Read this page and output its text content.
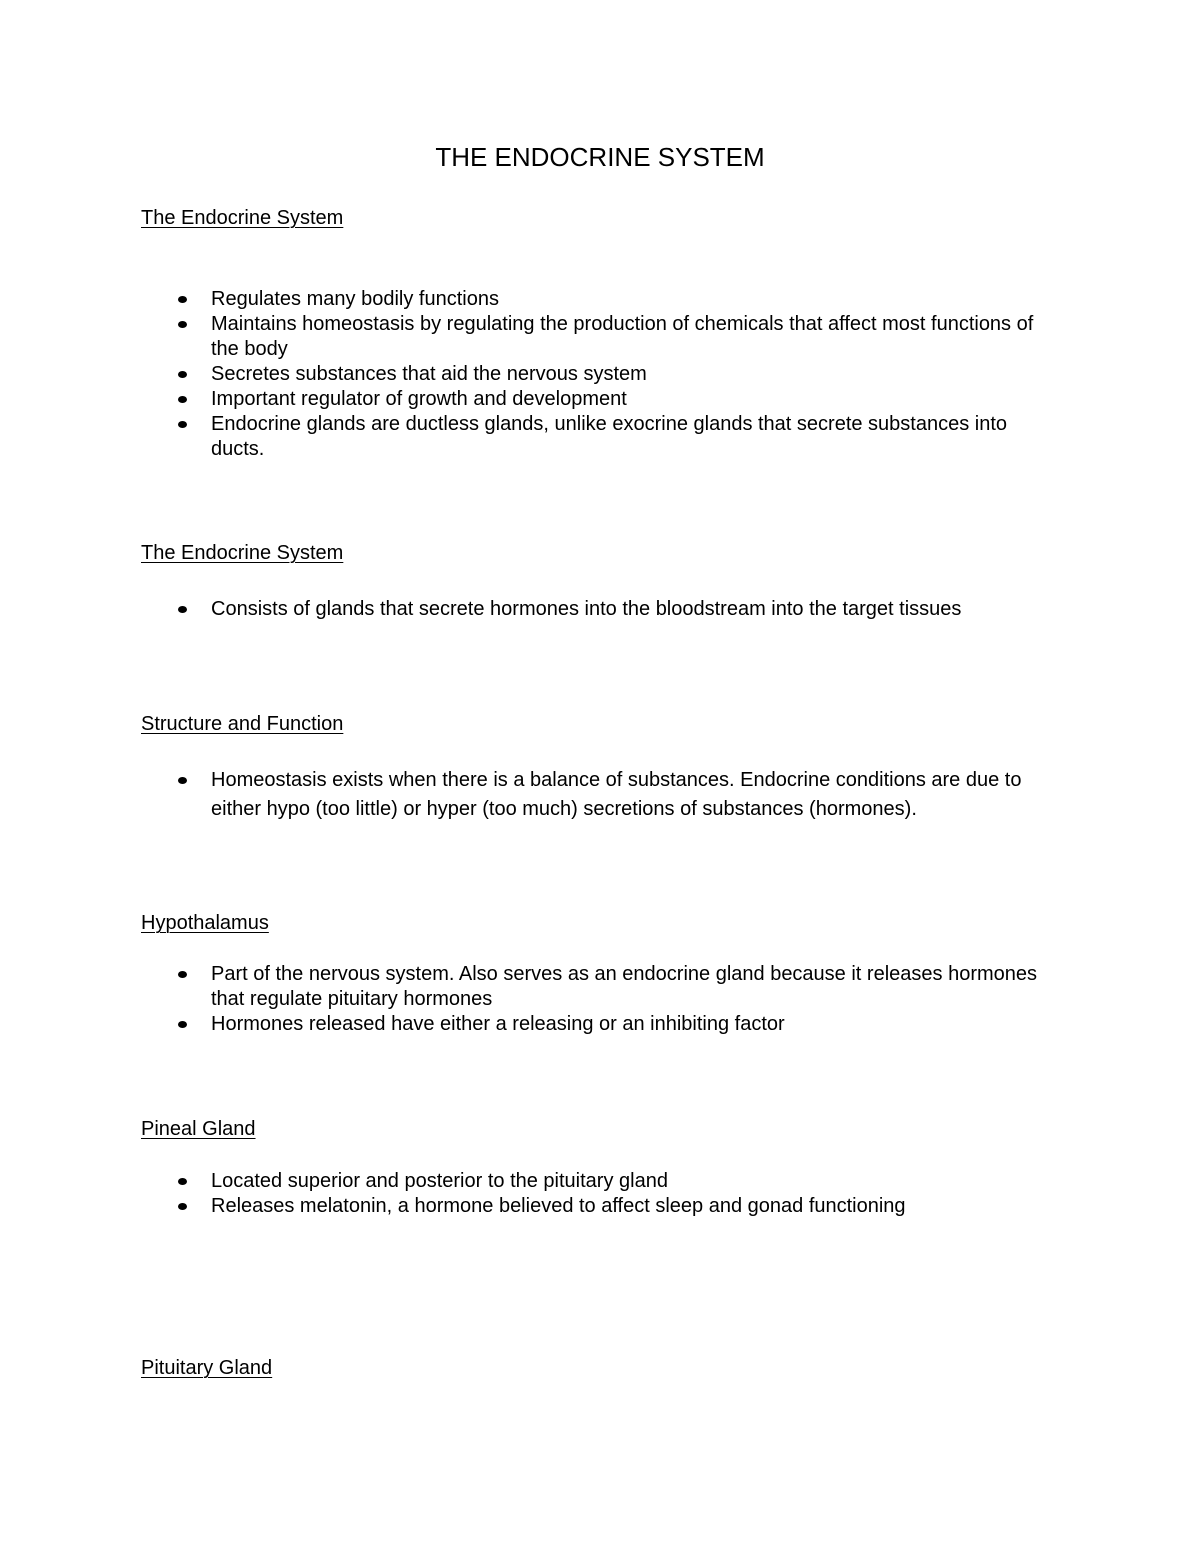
THE ENDOCRINE SYSTEM
The Endocrine System
Regulates many bodily functions
Maintains homeostasis by regulating the production of chemicals that affect most functions of the body
Secretes substances that aid the nervous system
Important regulator of growth and development
Endocrine glands are ductless glands, unlike exocrine glands that secrete substances into ducts.
The Endocrine System
Consists of glands that secrete hormones into the bloodstream into the target tissues
Structure and Function
Homeostasis exists when there is a balance of substances. Endocrine conditions are due to either hypo (too little) or hyper (too much) secretions of substances (hormones).
Hypothalamus
Part of the nervous system. Also serves as an endocrine gland because it releases hormones that regulate pituitary hormones
Hormones released have either a releasing or an inhibiting factor
Pineal Gland
Located superior and posterior to the pituitary gland
Releases melatonin, a hormone believed to affect sleep and gonad functioning
Pituitary Gland
